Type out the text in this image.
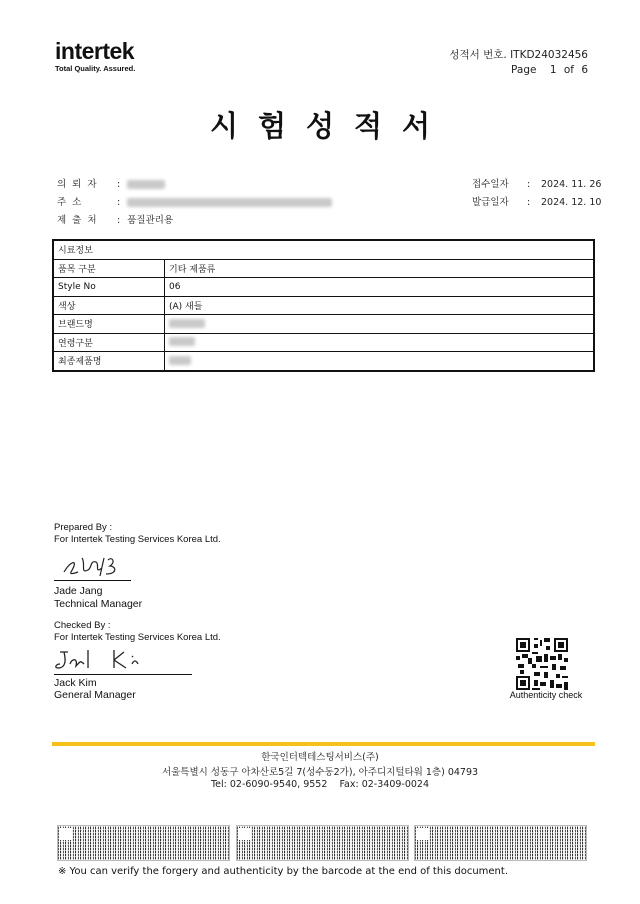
intertek
Total Quality. Assured.
성적서 번호. ITKD24032456
Page 1 of 6
시험성적서
의뢰자 :
주소	:
제출처 : 품질관리용
접수일자 : 2024. 11. 26
발급일자 : 2024. 12. 10
시료정보	
품목 구분	기타 제품류
Style No	06
색상	(A) 새들
브랜드명	
연령구분	
최종제품명	
Prepared By :
For Intertek Testing Services Korea Ltd.
Jade Jang
Technical Manager
Checked By :
For Intertek Testing Services Korea Ltd.
Jack Kim
General Manager	Authenticity check
한국인터텍테스팅서비스(주)
서울특별시 성동구 아차산로5길 7(성수동2가), 아주디지털타워 1층) 04793
Tel: 02-6090-9540, 9552    Fax: 02-3409-0024
※ You can verify the forgery and authenticity by the barcode at the end of this document.
